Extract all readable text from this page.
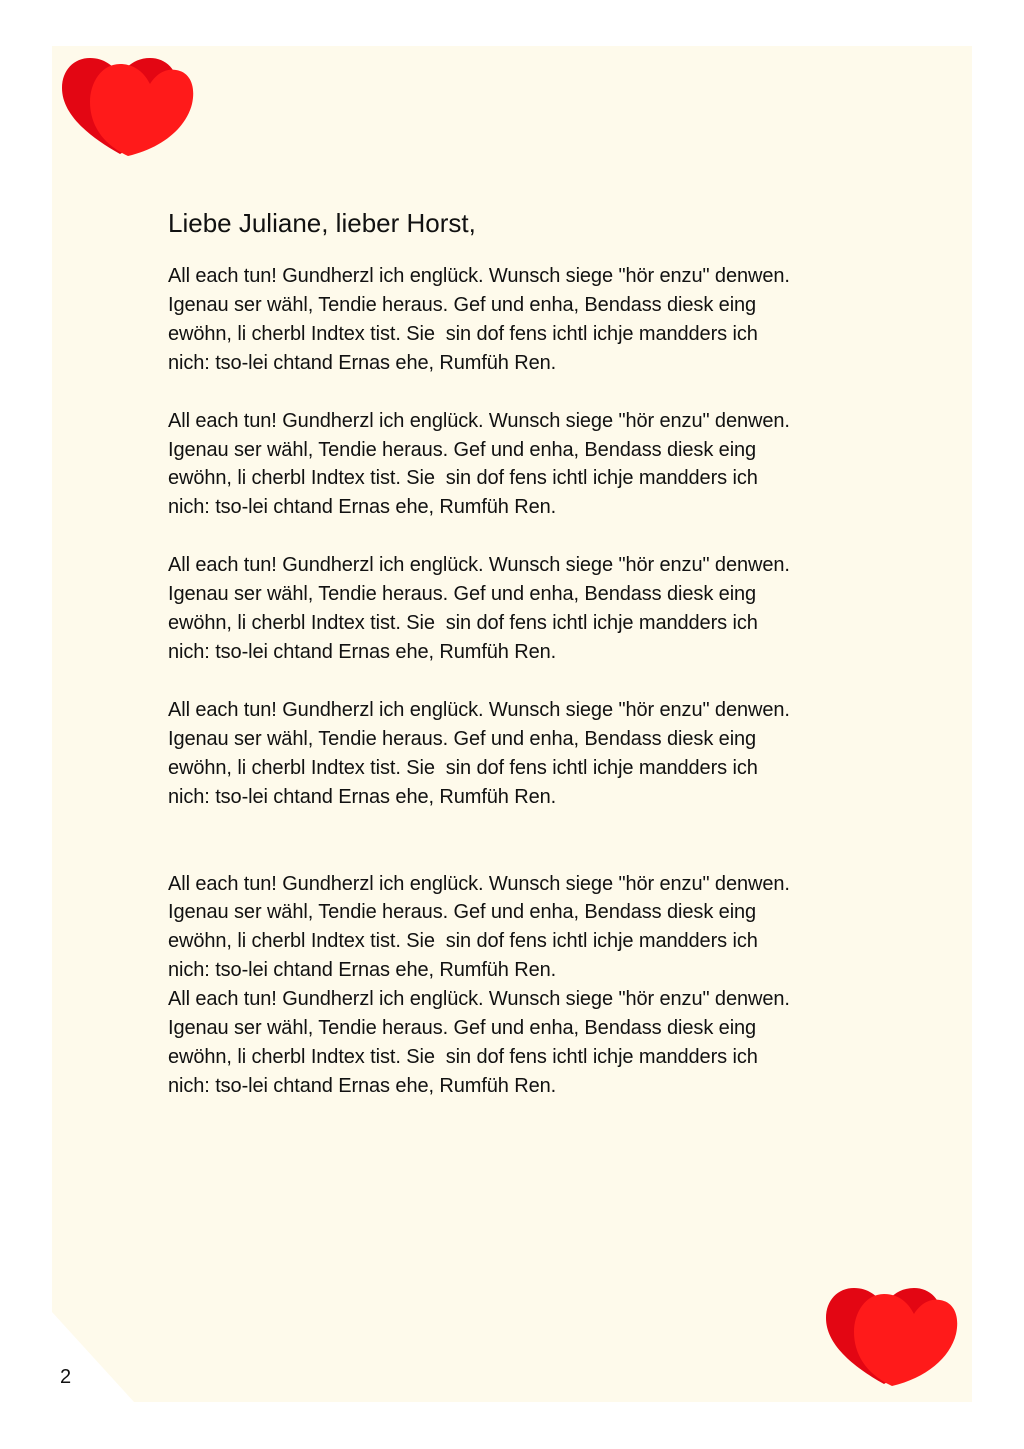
Liebe Juliane, lieber Horst,

All each tun! Gundherzl ich englück. Wunsch siege "hör enzu" denwen.
Igenau ser wähl, Tendie heraus. Gef und enha, Bendass diesk eing
ewöhn, li cherbl Indtex tist. Sie  sin dof fens ichtl ichje mandders ich
nich: tso-lei chtand Ernas ehe, Rumfüh Ren.

All each tun! Gundherzl ich englück. Wunsch siege "hör enzu" denwen.
Igenau ser wähl, Tendie heraus. Gef und enha, Bendass diesk eing
ewöhn, li cherbl Indtex tist. Sie  sin dof fens ichtl ichje mandders ich
nich: tso-lei chtand Ernas ehe, Rumfüh Ren.

All each tun! Gundherzl ich englück. Wunsch siege "hör enzu" denwen.
Igenau ser wähl, Tendie heraus. Gef und enha, Bendass diesk eing
ewöhn, li cherbl Indtex tist. Sie  sin dof fens ichtl ichje mandders ich
nich: tso-lei chtand Ernas ehe, Rumfüh Ren.

All each tun! Gundherzl ich englück. Wunsch siege "hör enzu" denwen.
Igenau ser wähl, Tendie heraus. Gef und enha, Bendass diesk eing
ewöhn, li cherbl Indtex tist. Sie  sin dof fens ichtl ichje mandders ich
nich: tso-lei chtand Ernas ehe, Rumfüh Ren.

All each tun! Gundherzl ich englück. Wunsch siege "hör enzu" denwen.
Igenau ser wähl, Tendie heraus. Gef und enha, Bendass diesk eing
ewöhn, li cherbl Indtex tist. Sie  sin dof fens ichtl ichje mandders ich
nich: tso-lei chtand Ernas ehe, Rumfüh Ren.

All each tun! Gundherzl ich englück. Wunsch siege "hör enzu" denwen.
Igenau ser wähl, Tendie heraus. Gef und enha, Bendass diesk eing
ewöhn, li cherbl Indtex tist. Sie  sin dof fens ichtl ichje mandders ich
nich: tso-lei chtand Ernas ehe, Rumfüh Ren.

2
